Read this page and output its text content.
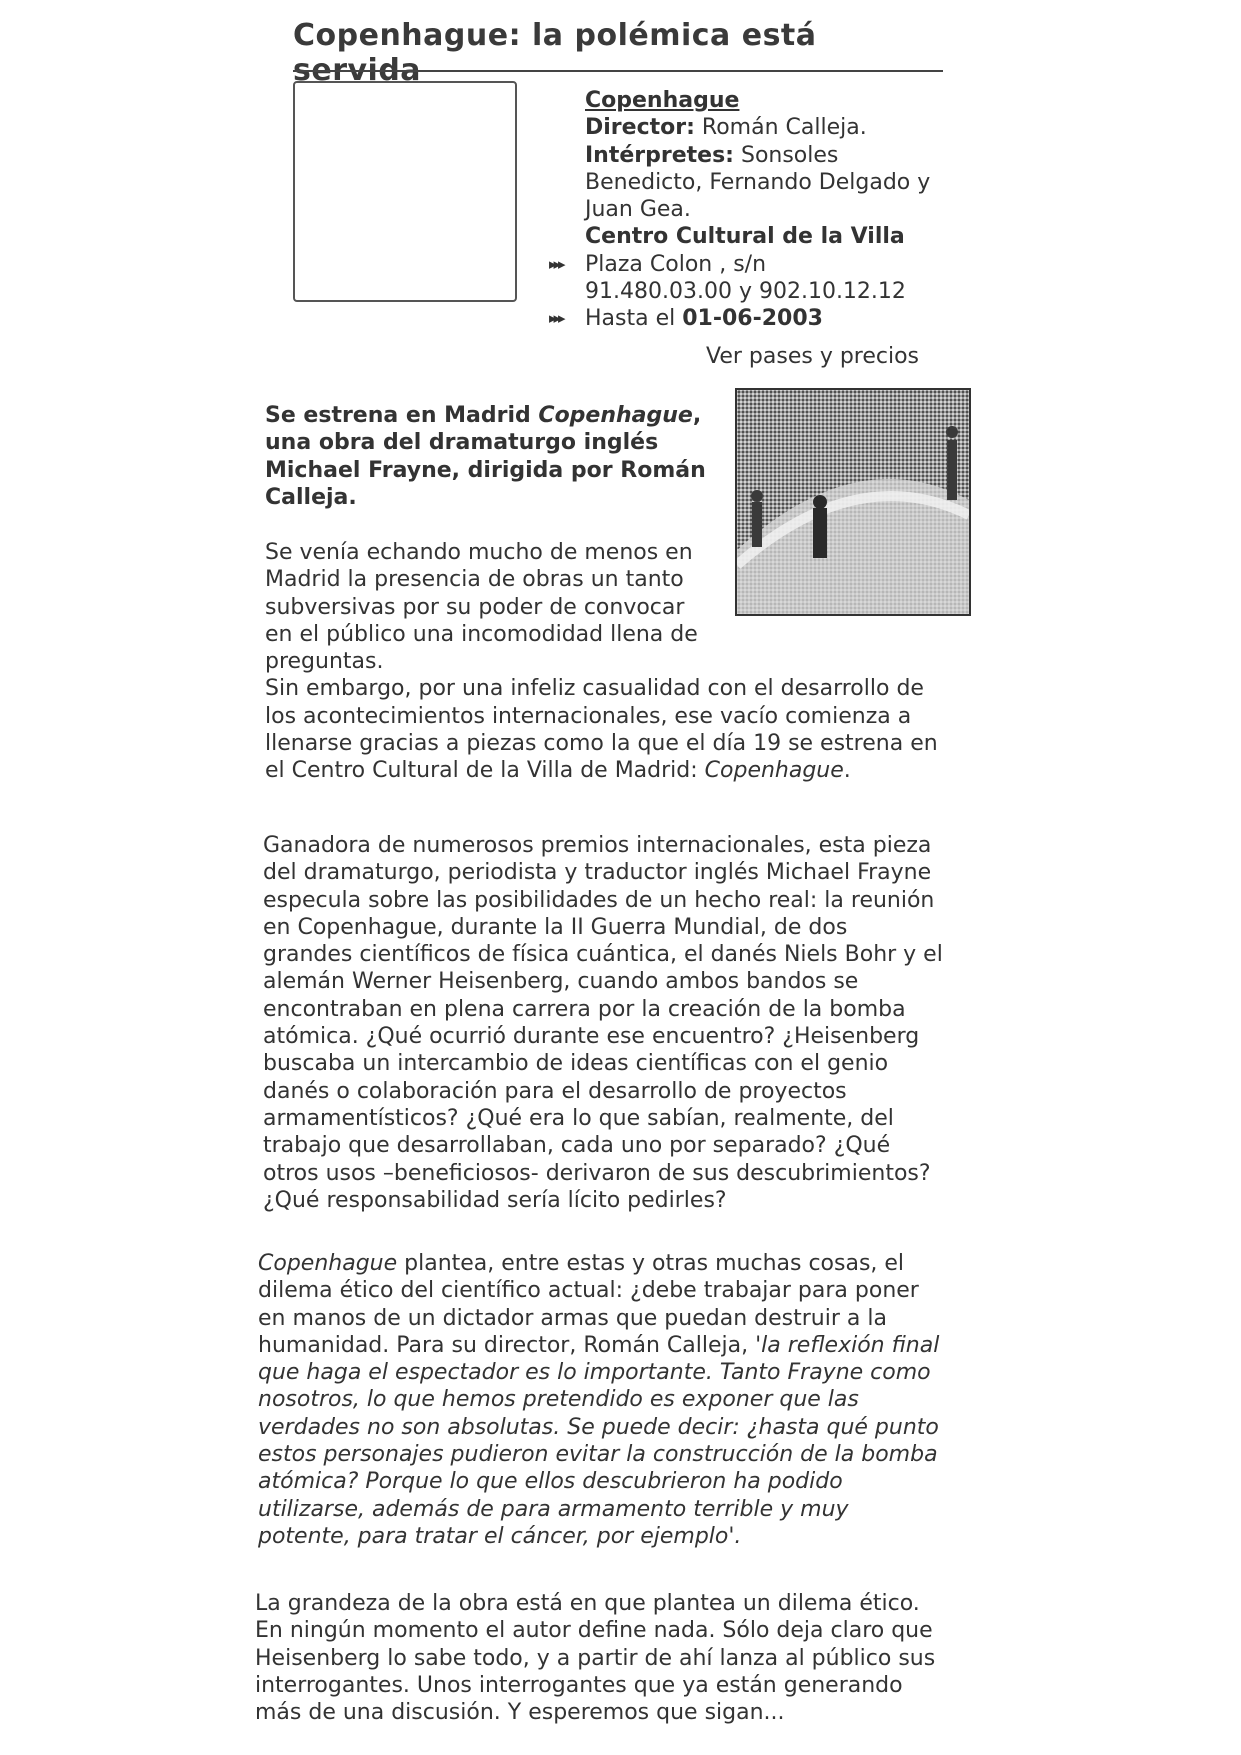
Copenhague: la polémica está servida
Copenhague
Director: Román Calleja.
Intérpretes: Sonsoles
Benedicto, Fernando Delgado y
Juan Gea.
Centro Cultural de la Villa
▸▸▸ Plaza Colon , s/n
91.480.03.00 y 902.10.12.12
▸▸▸ Hasta el 01-06-2003
Ver pases y precios
Se estrena en Madrid Copenhague,
una obra del dramaturgo inglés
Michael Frayne, dirigida por Román
Calleja.
Se venía echando mucho de menos en
Madrid la presencia de obras un tanto
subversivas por su poder de convocar
en el público una incomodidad llena de
preguntas.
Sin embargo, por una infeliz casualidad con el desarrollo de
los acontecimientos internacionales, ese vacío comienza a
llenarse gracias a piezas como la que el día 19 se estrena en
el Centro Cultural de la Villa de Madrid: Copenhague.
Ganadora de numerosos premios internacionales, esta pieza
del dramaturgo, periodista y traductor inglés Michael Frayne
especula sobre las posibilidades de un hecho real: la reunión
en Copenhague, durante la II Guerra Mundial, de dos
grandes científicos de física cuántica, el danés Niels Bohr y el
alemán Werner Heisenberg, cuando ambos bandos se
encontraban en plena carrera por la creación de la bomba
atómica. ¿Qué ocurrió durante ese encuentro? ¿Heisenberg
buscaba un intercambio de ideas científicas con el genio
danés o colaboración para el desarrollo de proyectos
armamentísticos? ¿Qué era lo que sabían, realmente, del
trabajo que desarrollaban, cada uno por separado? ¿Qué
otros usos –beneficiosos- derivaron de sus descubrimientos?
¿Qué responsabilidad sería lícito pedirles?
Copenhague plantea, entre estas y otras muchas cosas, el
dilema ético del científico actual: ¿debe trabajar para poner
en manos de un dictador armas que puedan destruir a la
humanidad. Para su director, Román Calleja, 'la reflexión final
que haga el espectador es lo importante. Tanto Frayne como
nosotros, lo que hemos pretendido es exponer que las
verdades no son absolutas. Se puede decir: ¿hasta qué punto
estos personajes pudieron evitar la construcción de la bomba
atómica? Porque lo que ellos descubrieron ha podido
utilizarse, además de para armamento terrible y muy
potente, para tratar el cáncer, por ejemplo'.
La grandeza de la obra está en que plantea un dilema ético.
En ningún momento el autor define nada. Sólo deja claro que
Heisenberg lo sabe todo, y a partir de ahí lanza al público sus
interrogantes. Unos interrogantes que ya están generando
más de una discusión. Y esperemos que sigan...
